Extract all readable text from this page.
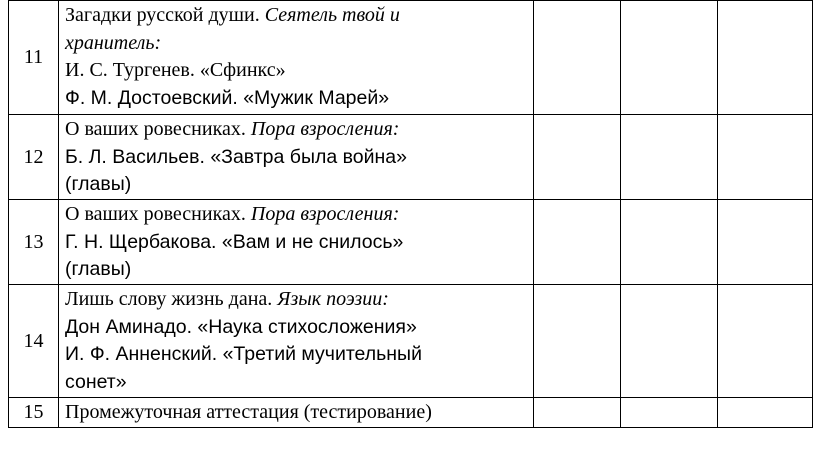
11	Загадки русской души. Сеятель твой и
хранитель:
И. С. Тургенев. «Сфинкс»
Ф. М. Достоевский. «Мужик Марей»			

12	О ваших ровесниках. Пора взросления:
Б. Л. Васильев. «Завтра была война»
(главы)			

13	О ваших ровесниках. Пора взросления:
Г. Н. Щербакова. «Вам и не снилось»
(главы)			

14	Лишь слову жизнь дана. Язык поэзии:
Дон Аминадо. «Наука стихосложения»
И. Ф. Анненский. «Третий мучительный
сонет»			

15	Промежуточная аттестация (тестирование)			
